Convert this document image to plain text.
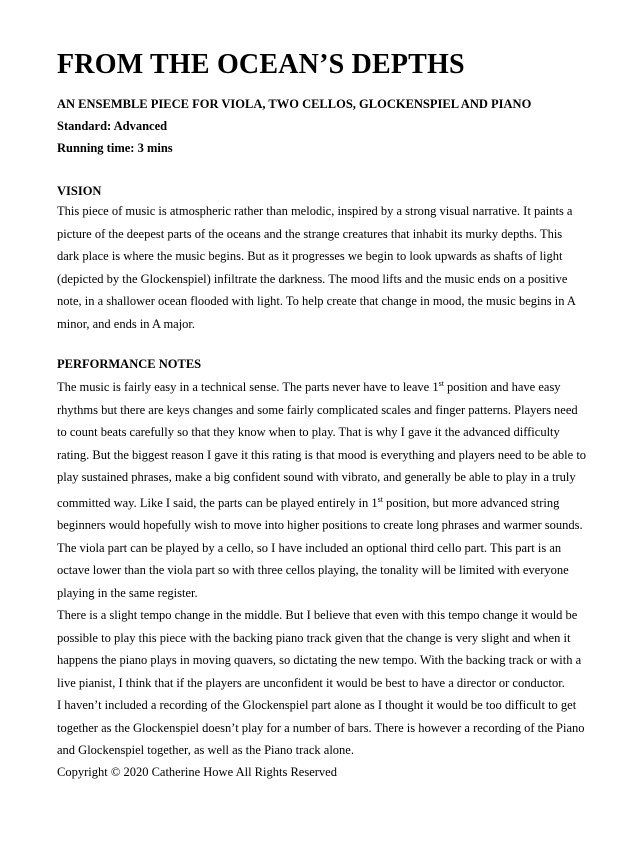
FROM THE OCEAN’S DEPTHS

AN ENSEMBLE PIECE FOR VIOLA, TWO CELLOS, GLOCKENSPIEL AND PIANO

Standard: Advanced

Running time: 3 mins

VISION

This piece of music is atmospheric rather than melodic, inspired by a strong visual narrative. It paints a picture of the deepest parts of the oceans and the strange creatures that inhabit its murky depths. This dark place is where the music begins. But as it progresses we begin to look upwards as shafts of light (depicted by the Glockenspiel) infiltrate the darkness. The mood lifts and the music ends on a positive note, in a shallower ocean flooded with light. To help create that change in mood, the music begins in A minor, and ends in A major.

PERFORMANCE NOTES

The music is fairly easy in a technical sense. The parts never have to leave 1st position and have easy rhythms but there are keys changes and some fairly complicated scales and finger patterns. Players need to count beats carefully so that they know when to play. That is why I gave it the advanced difficulty rating. But the biggest reason I gave it this rating is that mood is everything and players need to be able to play sustained phrases, make a big confident sound with vibrato, and generally be able to play in a truly committed way. Like I said, the parts can be played entirely in 1st position, but more advanced string beginners would hopefully wish to move into higher positions to create long phrases and warmer sounds.

The viola part can be played by a cello, so I have included an optional third cello part. This part is an octave lower than the viola part so with three cellos playing, the tonality will be limited with everyone playing in the same register.

There is a slight tempo change in the middle. But I believe that even with this tempo change it would be possible to play this piece with the backing piano track given that the change is very slight and when it happens the piano plays in moving quavers, so dictating the new tempo. With the backing track or with a live pianist, I think that if the players are unconfident it would be best to have a director or conductor.

I haven’t included a recording of the Glockenspiel part alone as I thought it would be too difficult to get together as the Glockenspiel doesn’t play for a number of bars. There is however a recording of the Piano and Glockenspiel together, as well as the Piano track alone.

Copyright © 2020 Catherine Howe All Rights Reserved
